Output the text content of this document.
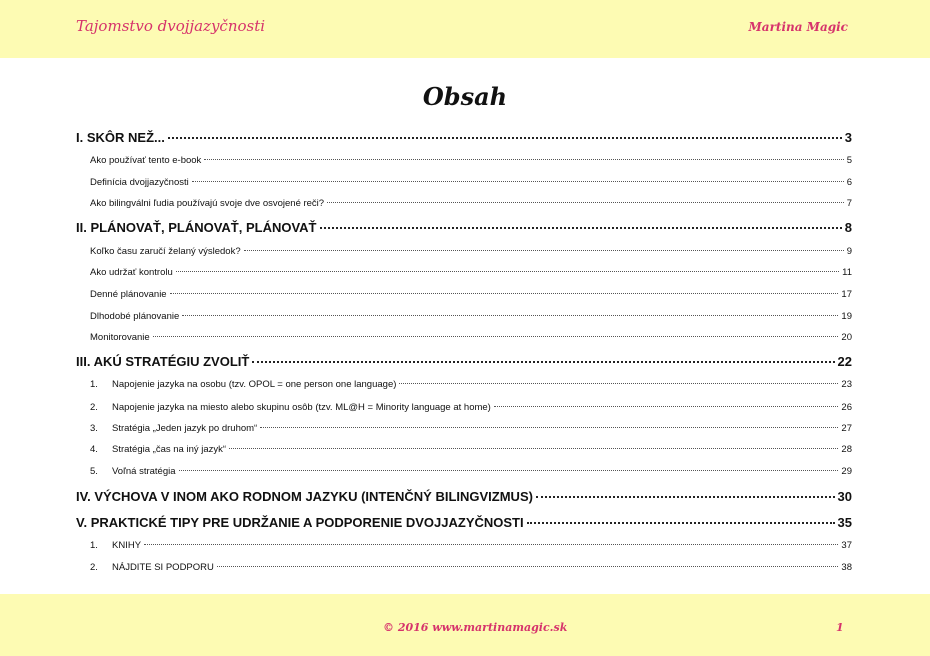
Tajomstvo dvojjazyčnosti	Martina Magic
Obsah
I. SKÔR NEŽ...	3
Ako používať tento e-book	5
Definícia dvojjazyčnosti	6
Ako bilingválni ľudia používajú svoje dve osvojené reči?	7
II. PLÁNOVAŤ, PLÁNOVAŤ, PLÁNOVAŤ	8
Koľko času zaručí želaný výsledok?	9
Ako udržať kontrolu	11
Denné plánovanie	17
Dlhodobé plánovanie	19
Monitorovanie	20
III. AKÚ STRATÉGIU ZVOLIŤ	22
1.	Napojenie jazyka na osobu (tzv. OPOL = one person one language)	23
2.	Napojenie jazyka na miesto alebo skupinu osôb (tzv. ML@H = Minority language at home)	26
3.	Stratégia „Jeden jazyk po druhom“	27
4.	Stratégia „čas na iný jazyk“	28
5.	Voľná stratégia	29
IV. VÝCHOVA V INOM AKO RODNOM JAZYKU (INTENČNÝ BILINGVIZMUS)	30
V. PRAKTICKÉ TIPY PRE UDRŽANIE A PODPORENIE DVOJJAZYČNOSTI	35
1.	KNIHY	37
2.	NÁJDITE SI PODPORU	38
© 2016 www.martinamagic.sk	1
